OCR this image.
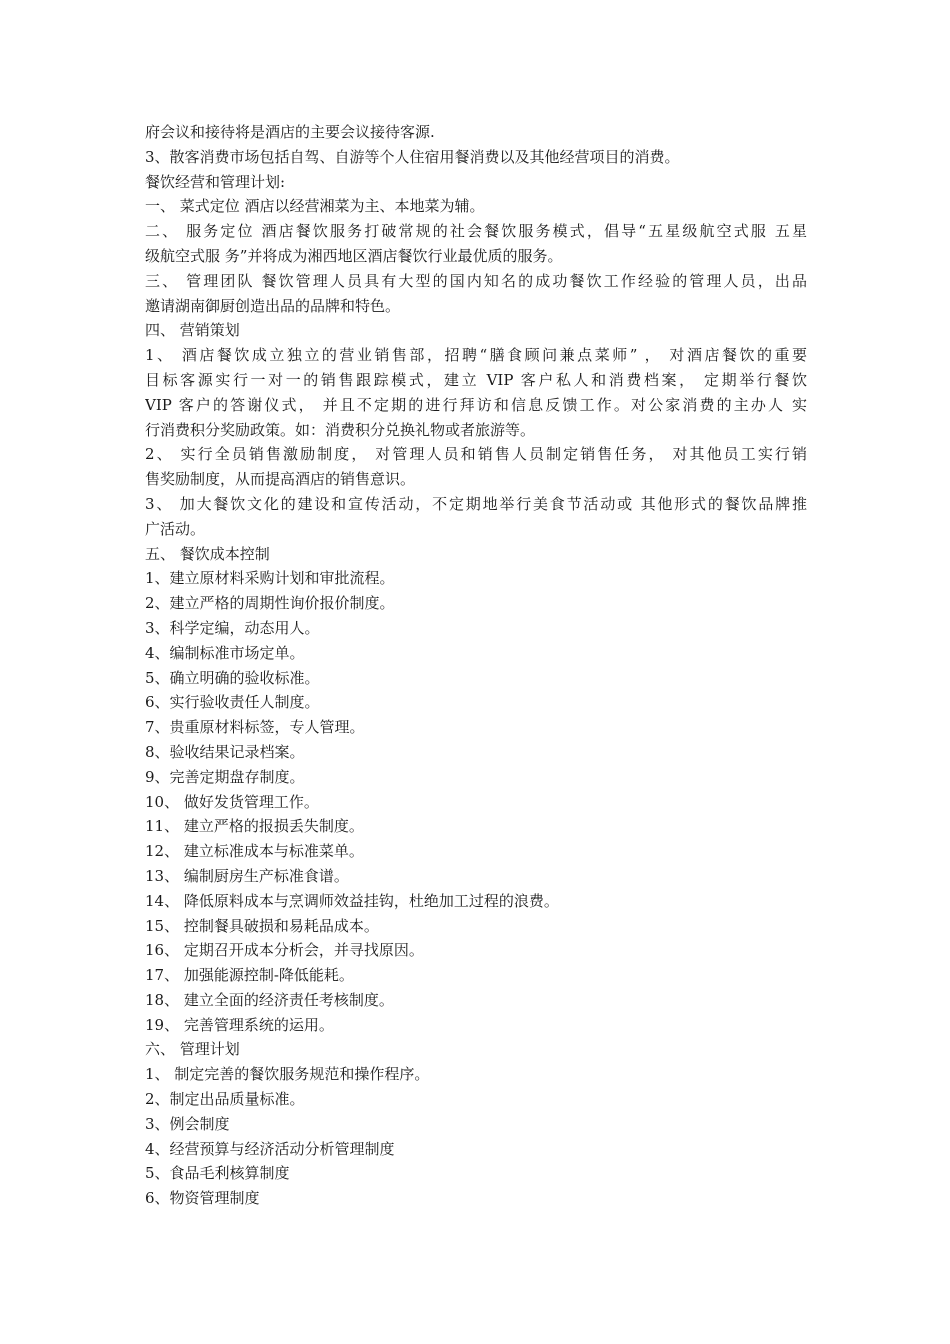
府会议和接待将是酒店的主要会议接待客源.
3、散客消费市场包括自驾、自游等个人住宿用餐消费以及其他经营项目的消费。
餐饮经营和管理计划:
一、 菜式定位 酒店以经营湘菜为主、本地菜为辅。
二、 服务定位 酒店餐饮服务打破常规的社会餐饮服务模式，倡导“五星级航空式服 五星
级航空式服 务”并将成为湘西地区酒店餐饮行业最优质的服务。
三、 管理团队 餐饮管理人员具有大型的国内知名的成功餐饮工作经验的管理人员，出品
邀请湖南御厨创造出品的品牌和特色。
四、 营销策划
1、 酒店餐饮成立独立的营业销售部，招聘“膳食顾问兼点菜师” ， 对酒店餐饮的重要
目标客源实行一对一的销售跟踪模式，建立 VIP 客户私人和消费档案， 定期举行餐饮
VIP 客户的答谢仪式， 并且不定期的进行拜访和信息反馈工作。对公家消费的主办人 实
行消费积分奖励政策。如：消费积分兑换礼物或者旅游等。
2、 实行全员销售激励制度， 对管理人员和销售人员制定销售任务， 对其他员工实行销
售奖励制度，从而提高酒店的销售意识。
3、 加大餐饮文化的建设和宣传活动，不定期地举行美食节活动或 其他形式的餐饮品牌推
广活动。
五、 餐饮成本控制
1、建立原材料采购计划和审批流程。
2、建立严格的周期性询价报价制度。
3、科学定编，动态用人。
4、编制标准市场定单。
5、确立明确的验收标准。
6、实行验收责任人制度。
7、贵重原材料标签，专人管理。
8、验收结果记录档案。
9、完善定期盘存制度。
10、 做好发货管理工作。
11、 建立严格的报损丢失制度。
12、 建立标准成本与标准菜单。
13、 编制厨房生产标准食谱。
14、 降低原料成本与烹调师效益挂钩，杜绝加工过程的浪费。
15、 控制餐具破损和易耗品成本。
16、 定期召开成本分析会，并寻找原因。
17、 加强能源控制-降低能耗。
18、 建立全面的经济责任考核制度。
19、 完善管理系统的运用。
六、 管理计划
1、 制定完善的餐饮服务规范和操作程序。
2、制定出品质量标准。
3、例会制度
4、经营预算与经济活动分析管理制度
5、食品毛利核算制度
6、物资管理制度
